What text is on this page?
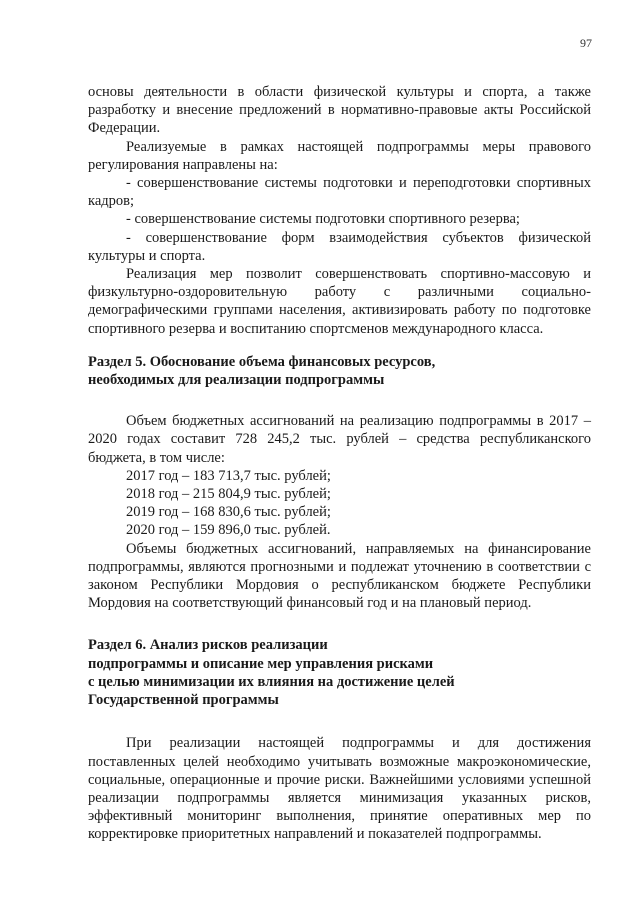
97

основы деятельности в области физической культуры и спорта, а также разработку и внесение предложений в нормативно-правовые акты Российской Федерации.

Реализуемые в рамках настоящей подпрограммы меры правового регулирования направлены на:

- совершенствование системы подготовки и переподготовки спортивных кадров;

- совершенствование системы подготовки спортивного резерва;

- совершенствование форм взаимодействия субъектов физической культуры и спорта.

Реализация мер позволит совершенствовать спортивно-массовую и физкультурно-оздоровительную работу с различными социально-демографическими группами населения, активизировать работу по подготовке спортивного резерва и воспитанию спортсменов международного класса.

Раздел 5. Обоснование объема финансовых ресурсов,

необходимых для реализации подпрограммы

Объем бюджетных ассигнований на реализацию подпрограммы в 2017 – 2020 годах составит 728 245,2 тыс. рублей – средства республиканского бюджета, в том числе:

2017 год – 183 713,7 тыс. рублей;

2018 год – 215 804,9 тыс. рублей;

2019 год – 168 830,6 тыс. рублей;

2020 год – 159 896,0 тыс. рублей.

Объемы бюджетных ассигнований, направляемых на финансирование подпрограммы, являются прогнозными и подлежат уточнению в соответствии с законом Республики Мордовия о республиканском бюджете Республики Мордовия на соответствующий финансовый год и на плановый период.

Раздел 6. Анализ рисков реализации

подпрограммы и описание мер управления рисками

с целью минимизации их влияния на достижение целей

Государственной программы

При реализации настоящей подпрограммы и для достижения поставленных целей необходимо учитывать возможные макроэкономические, социальные, операционные и прочие риски. Важнейшими условиями успешной реализации подпрограммы является минимизация указанных рисков, эффективный мониторинг выполнения, принятие оперативных мер по корректировке приоритетных направлений и показателей подпрограммы.
